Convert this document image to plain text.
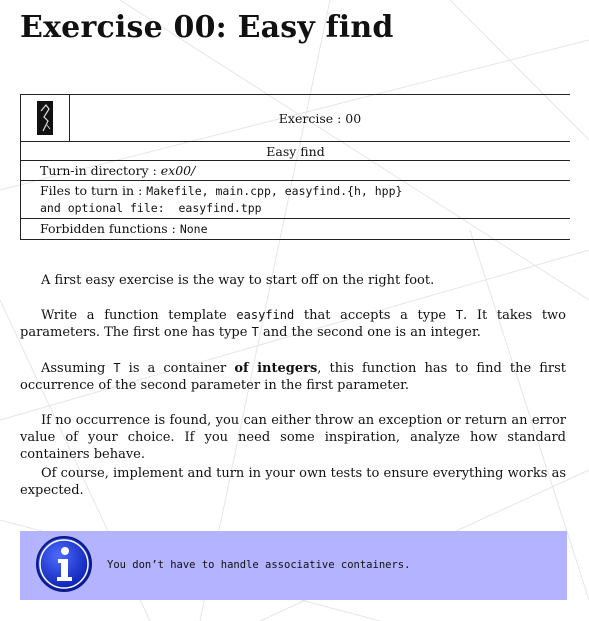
Exercise 00: Easy find
Exercise : 00
Easy find
Turn-in directory : ex00/
Files to turn in : Makefile, main.cpp, easyfind.{h, hpp}
and optional file: easyfind.tpp
Forbidden functions : None

A first easy exercise is the way to start off on the right foot.

Write a function template easyfind that accepts a type T. It takes two parameters. The first one has type T and the second one is an integer.

Assuming T is a container of integers, this function has to find the first occurrence of the second parameter in the first parameter.

If no occurrence is found, you can either throw an exception or return an error value of your choice. If you need some inspiration, analyze how standard containers behave.

Of course, implement and turn in your own tests to ensure everything works as expected.

You don’t have to handle associative containers.
